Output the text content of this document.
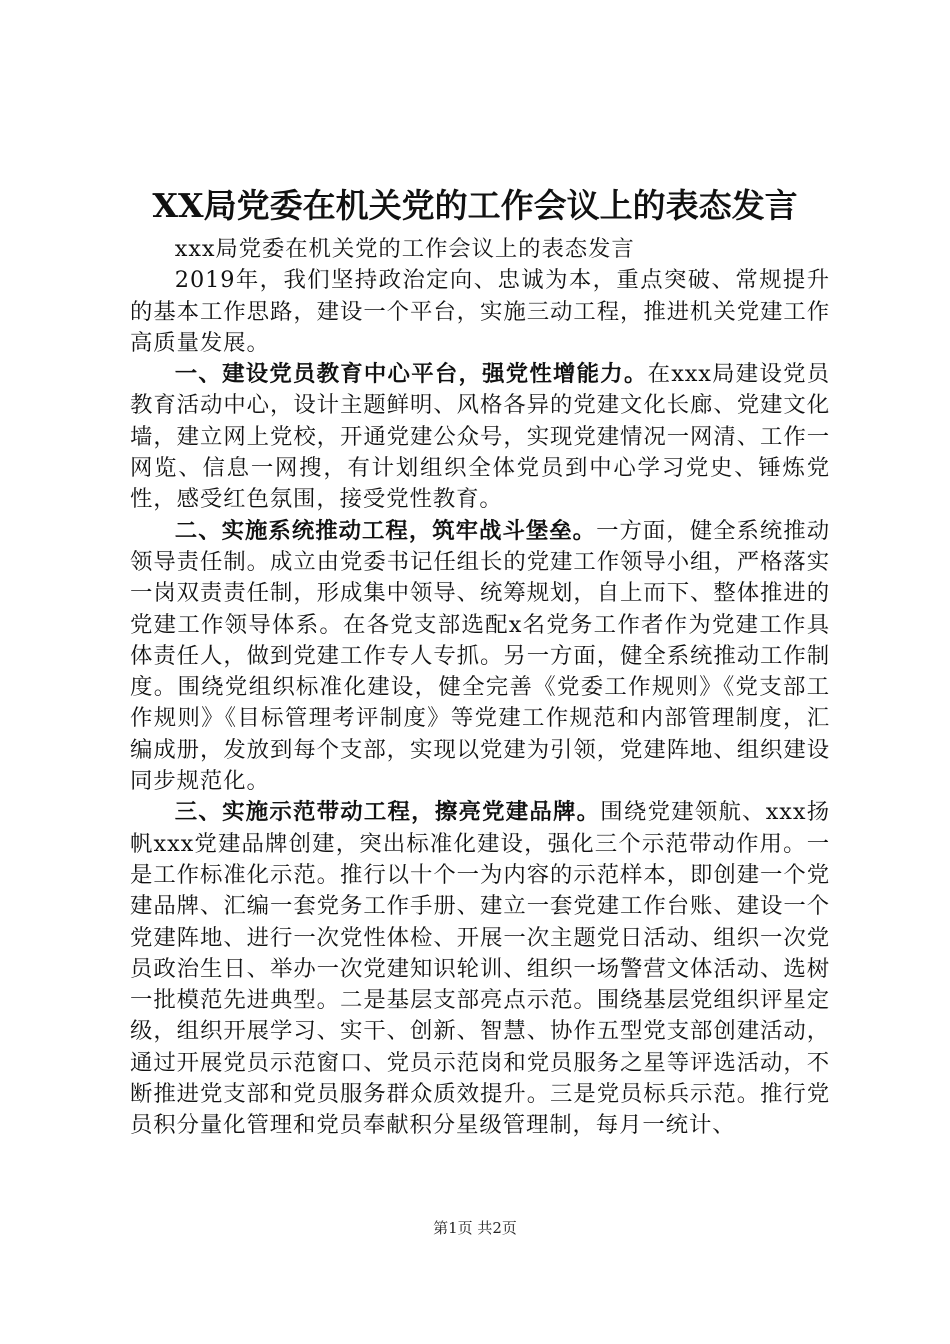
XX局党委在机关党的工作会议上的表态发言

xxx局党委在机关党的工作会议上的表态发言

2019年，我们坚持政治定向、忠诚为本，重点突破、常规提升的基本工作思路，建设一个平台，实施三动工程，推进机关党建工作高质量发展。

一、建设党员教育中心平台，强党性增能力。在xxx局建设党员教育活动中心，设计主题鲜明、风格各异的党建文化长廊、党建文化墙，建立网上党校，开通党建公众号，实现党建情况一网清、工作一网览、信息一网搜，有计划组织全体党员到中心学习党史、锤炼党性，感受红色氛围，接受党性教育。

二、实施系统推动工程，筑牢战斗堡垒。一方面，健全系统推动领导责任制。成立由党委书记任组长的党建工作领导小组，严格落实一岗双责责任制，形成集中领导、统筹规划，自上而下、整体推进的党建工作领导体系。在各党支部选配x名党务工作者作为党建工作具体责任人，做到党建工作专人专抓。另一方面，健全系统推动工作制度。围绕党组织标准化建设，健全完善《党委工作规则》《党支部工作规则》《目标管理考评制度》等党建工作规范和内部管理制度，汇编成册，发放到每个支部，实现以党建为引领，党建阵地、组织建设同步规范化。

三、实施示范带动工程，擦亮党建品牌。围绕党建领航、xxx扬帆xxx党建品牌创建，突出标准化建设，强化三个示范带动作用。一是工作标准化示范。推行以十个一为内容的示范样本，即创建一个党建品牌、汇编一套党务工作手册、建立一套党建工作台账、建设一个党建阵地、进行一次党性体检、开展一次主题党日活动、组织一次党员政治生日、举办一次党建知识轮训、组织一场警营文体活动、选树一批模范先进典型。二是基层支部亮点示范。围绕基层党组织评星定级，组织开展学习、实干、创新、智慧、协作五型党支部创建活动，通过开展党员示范窗口、党员示范岗和党员服务之星等评选活动，不断推进党支部和党员服务群众质效提升。三是党员标兵示范。推行党员积分量化管理和党员奉献积分星级管理制，每月一统计、

第1页 共2页
